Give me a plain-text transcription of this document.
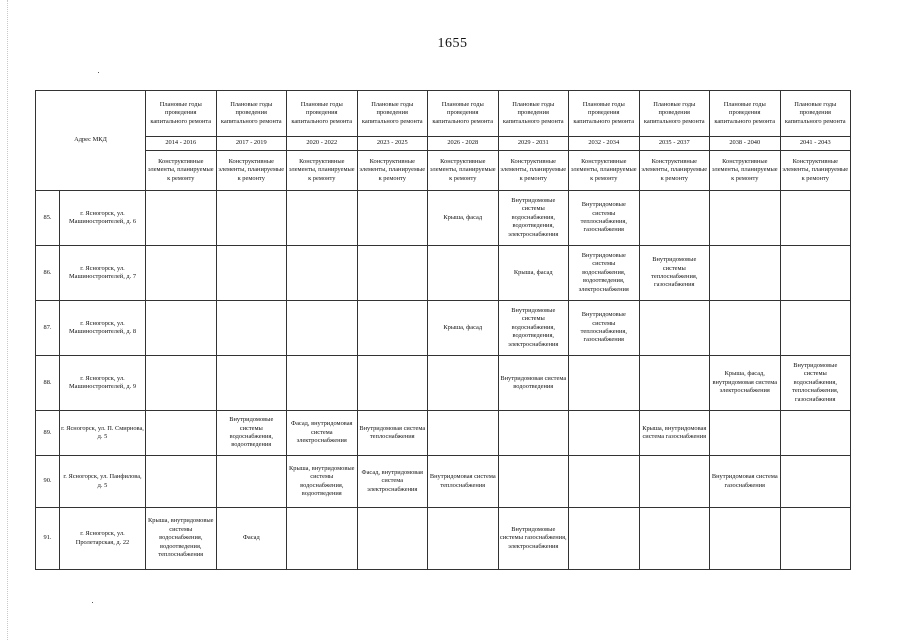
1655
Адрес МКД		Плановые годы проведения капитального ремонта	Плановые годы проведения капитального ремонта	Плановые годы проведения капитального ремонта	Плановые годы проведения капитального ремонта	Плановые годы проведения капитального ремонта	Плановые годы проведения капитального ремонта	Плановые годы проведения капитального ремонта	Плановые годы проведения капитального ремонта	Плановые годы проведения капитального ремонта	Плановые годы проведения капитального ремонта
		2014 - 2016	2017 - 2019	2020 - 2022	2023 - 2025	2026 - 2028	2029 - 2031	2032 - 2034	2035 - 2037	2038 - 2040	2041 - 2043
		Конструктивные элементы, планируемые к ремонту	Конструктивные элементы, планируемые к ремонту	Конструктивные элементы, планируемые к ремонту	Конструктивные элементы, планируемые к ремонту	Конструктивные элементы, планируемые к ремонту	Конструктивные элементы, планируемые к ремонту	Конструктивные элементы, планируемые к ремонту	Конструктивные элементы, планируемые к ремонту	Конструктивные элементы, планируемые к ремонту	Конструктивные элементы, планируемые к ремонту
85.	г. Ясногорск, ул. Машиностроителей, д. 6					Крыша, фасад	Внутридомовые системы водоснабжения, водоотведения, электроснабжения	Внутридомовые системы теплоснабжения, газоснабжения			
86.	г. Ясногорск, ул. Машиностроителей, д. 7						Крыша, фасад	Внутридомовые системы водоснабжения, водоотведения, электроснабжения	Внутридомовые системы теплоснабжения, газоснабжения		
87.	г. Ясногорск, ул. Машиностроителей, д. 8					Крыша, фасад	Внутридомовые системы водоснабжения, водоотведения, электроснабжения	Внутридомовые системы теплоснабжения, газоснабжения			
88.	г. Ясногорск, ул. Машиностроителей, д. 9						Внутридомовая система водоотведения			Крыша, фасад, внутридомовая система электроснабжения	Внутридомовые системы водоснабжения, теплоснабжения, газоснабжения
89.	г. Ясногорск, ул. П. Смирнова, д. 5		Внутридомовые системы водоснабжения, водоотведения	Фасад, внутридомовая система электроснабжения	Внутридомовая система теплоснабжения				Крыша, внутридомовая система газоснабжения		
90.	г. Ясногорск, ул. Панфилова, д. 5			Крыша, внутридомовые системы водоснабжения, водоотведения	Фасад, внутридомовая система электроснабжения	Внутридомовая система теплоснабжения				Внутридомовая система газоснабжения	
91.	г. Ясногорск, ул. Пролетарская, д. 22	Крыша, внутридомовые системы водоснабжения, водоотведения, теплоснабжения	Фасад				Внутридомовые системы газоснабжения, электроснабжения				
